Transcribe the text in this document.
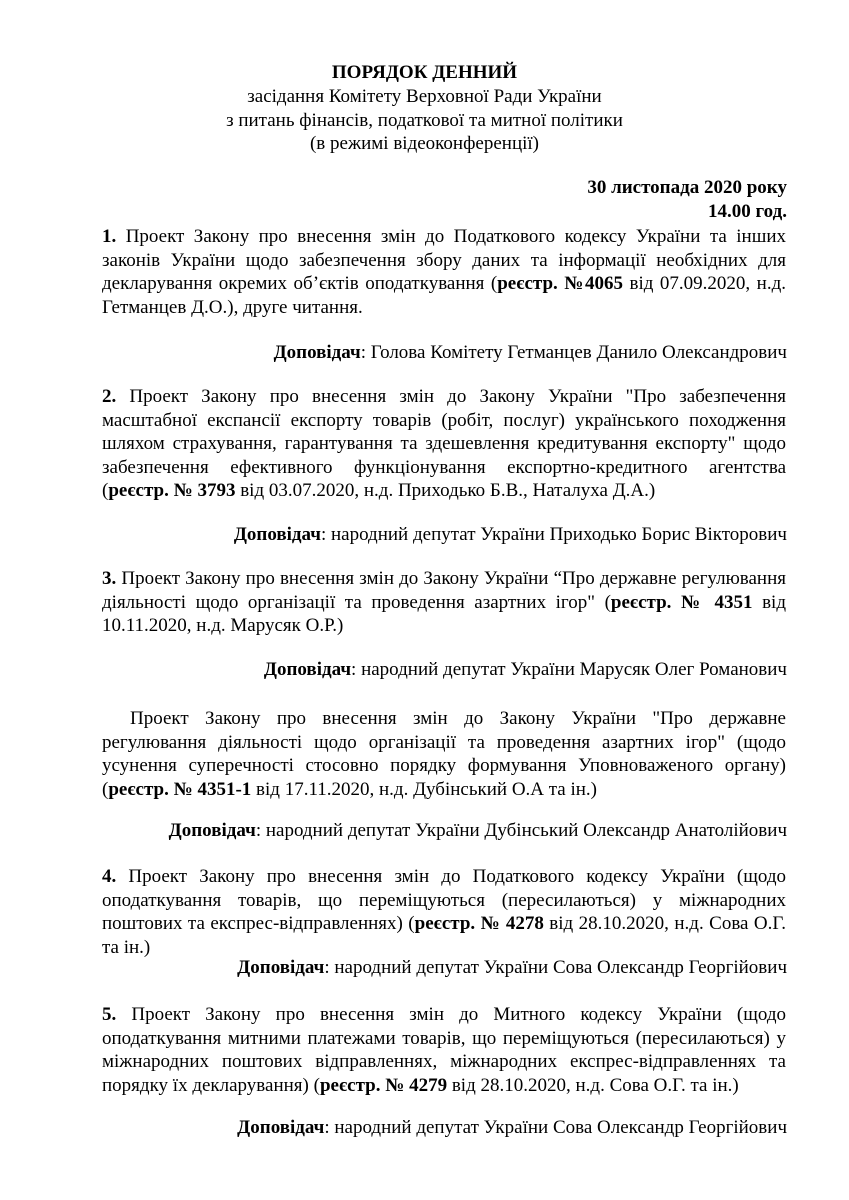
ПОРЯДОК ДЕННИЙ
засідання Комітету Верховної Ради України
з питань фінансів, податкової та митної політики
(в режимі відеоконференції)
30 листопада 2020 року
14.00 год.
1. Проект Закону про внесення змін до Податкового кодексу України та інших законів України щодо забезпечення збору даних та інформації необхідних для декларування окремих об’єктів оподаткування (реєстр. №4065 від 07.09.2020, н.д. Гетманцев Д.О.), друге читання.
Доповідач: Голова Комітету Гетманцев Данило Олександрович
2. Проект Закону про внесення змін до Закону України "Про забезпечення масштабної експансії експорту товарів (робіт, послуг) українського походження шляхом страхування, гарантування та здешевлення кредитування експорту" щодо забезпечення ефективного функціонування експортно-кредитного агентства (реєстр. № 3793 від 03.07.2020, н.д. Приходько Б.В., Наталуха Д.А.)
Доповідач: народний депутат України Приходько Борис Вікторович
3. Проект Закону про внесення змін до Закону України “Про державне регулювання діяльності щодо організації та проведення азартних ігор" (реєстр. № 4351 від 10.11.2020, н.д. Марусяк О.Р.)
Доповідач: народний депутат України Марусяк Олег Романович
Проект Закону про внесення змін до Закону України "Про державне регулювання діяльності щодо організації та проведення азартних ігор" (щодо усунення суперечності стосовно порядку формування Уповноваженого органу) (реєстр. № 4351-1 від 17.11.2020, н.д. Дубінський О.А та ін.)
Доповідач: народний депутат України Дубінський Олександр Анатолійович
4. Проект Закону про внесення змін до Податкового кодексу України (щодо оподаткування товарів, що переміщуються (пересилаються) у міжнародних поштових та експрес-відправленнях) (реєстр. № 4278 від 28.10.2020, н.д. Сова О.Г. та ін.)
Доповідач: народний депутат України Сова Олександр Георгійович
5. Проект Закону про внесення змін до Митного кодексу України (щодо оподаткування митними платежами товарів, що переміщуються (пересилаються) у міжнародних поштових відправленнях, міжнародних експрес-відправленнях та порядку їх декларування) (реєстр. № 4279 від 28.10.2020, н.д. Сова О.Г. та ін.)
Доповідач: народний депутат України Сова Олександр Георгійович
